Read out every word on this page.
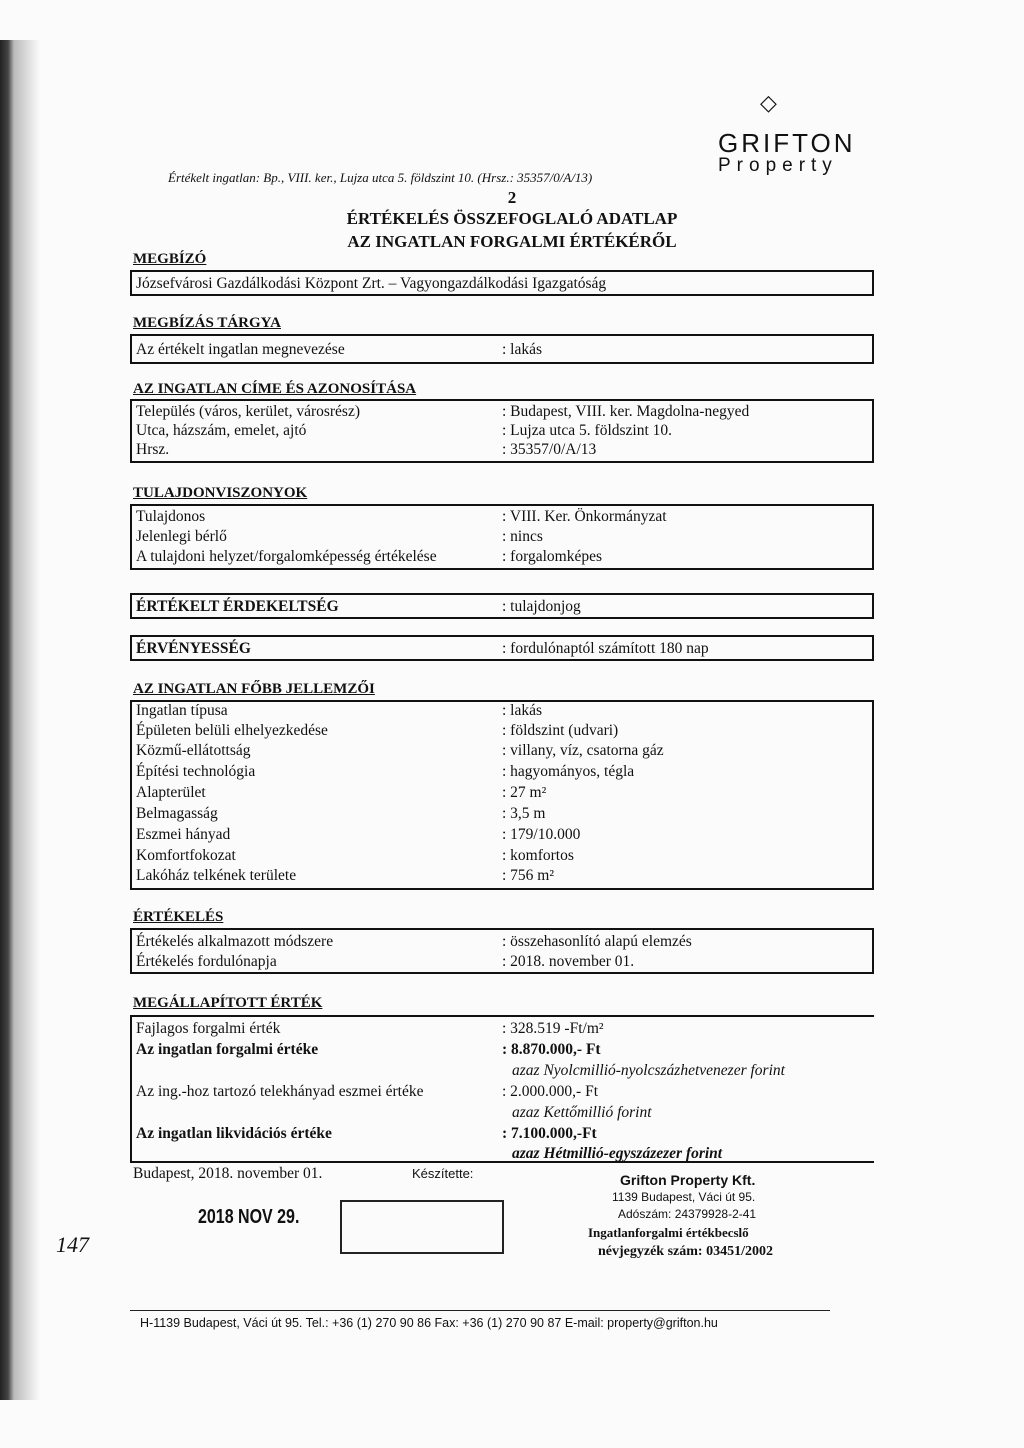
Értékelt ingatlan: Bp., VIII. ker., Lujza utca 5. földszint 10. (Hrsz.: 35357/0/A/13)
◇
GRIFTON
Property
2
ÉRTÉKELÉS ÖSSZEFOGLALÓ ADATLAP
AZ INGATLAN FORGALMI ÉRTÉKÉRŐL
MEGBÍZÓ
Józsefvárosi Gazdálkodási Központ Zrt. – Vagyongazdálkodási Igazgatóság
MEGBÍZÁS TÁRGYA
Az értékelt ingatlan megnevezése	: lakás
AZ INGATLAN CÍME ÉS AZONOSÍTÁSA
Település (város, kerület, városrész)	: Budapest, VIII. ker. Magdolna-negyed
Utca, házszám, emelet, ajtó	: Lujza utca 5. földszint 10.
Hrsz.	: 35357/0/A/13
TULAJDONVISZONYOK
Tulajdonos	: VIII. Ker. Önkormányzat
Jelenlegi bérlő	: nincs
A tulajdoni helyzet/forgalomképesség értékelése	: forgalomképes
ÉRTÉKELT ÉRDEKELTSÉG	: tulajdonjog
ÉRVÉNYESSÉG	: fordulónaptól számított 180 nap
AZ INGATLAN FŐBB JELLEMZŐI
Ingatlan típusa	: lakás
Épületen belüli elhelyezkedése	: földszint (udvari)
Közmű-ellátottság	: villany, víz, csatorna gáz
Építési technológia	: hagyományos, tégla
Alapterület	: 27 m²
Belmagasság	: 3,5 m
Eszmei hányad	: 179/10.000
Komfortfokozat	: komfortos
Lakóház telkének területe	: 756 m²
ÉRTÉKELÉS
Értékelés alkalmazott módszere	: összehasonlító alapú elemzés
Értékelés fordulónapja	: 2018. november 01.
MEGÁLLAPÍTOTT ÉRTÉK
Fajlagos forgalmi érték	: 328.519 -Ft/m²
Az ingatlan forgalmi értéke	: 8.870.000,- Ft
azaz Nyolcmillió-nyolcszázhetvenezer forint
Az ing.-hoz tartozó telekhányad eszmei értéke	: 2.000.000,- Ft
azaz Kettőmillió forint
Az ingatlan likvidációs értéke	: 7.100.000,-Ft
azaz Hétmillió-egyszázezer forint
Budapest, 2018. november 01.	Készítette:
2018 NOV 29.
147
Grifton Property Kft.
1139 Budapest, Váci út 95.
Adószám: 24379928-2-41
Ingatlanforgalmi értékbecslő
névjegyzék szám: 03451/2002
H-1139 Budapest, Váci út 95. Tel.: +36 (1) 270 90 86 Fax: +36 (1) 270 90 87 E-mail: property@grifton.hu
